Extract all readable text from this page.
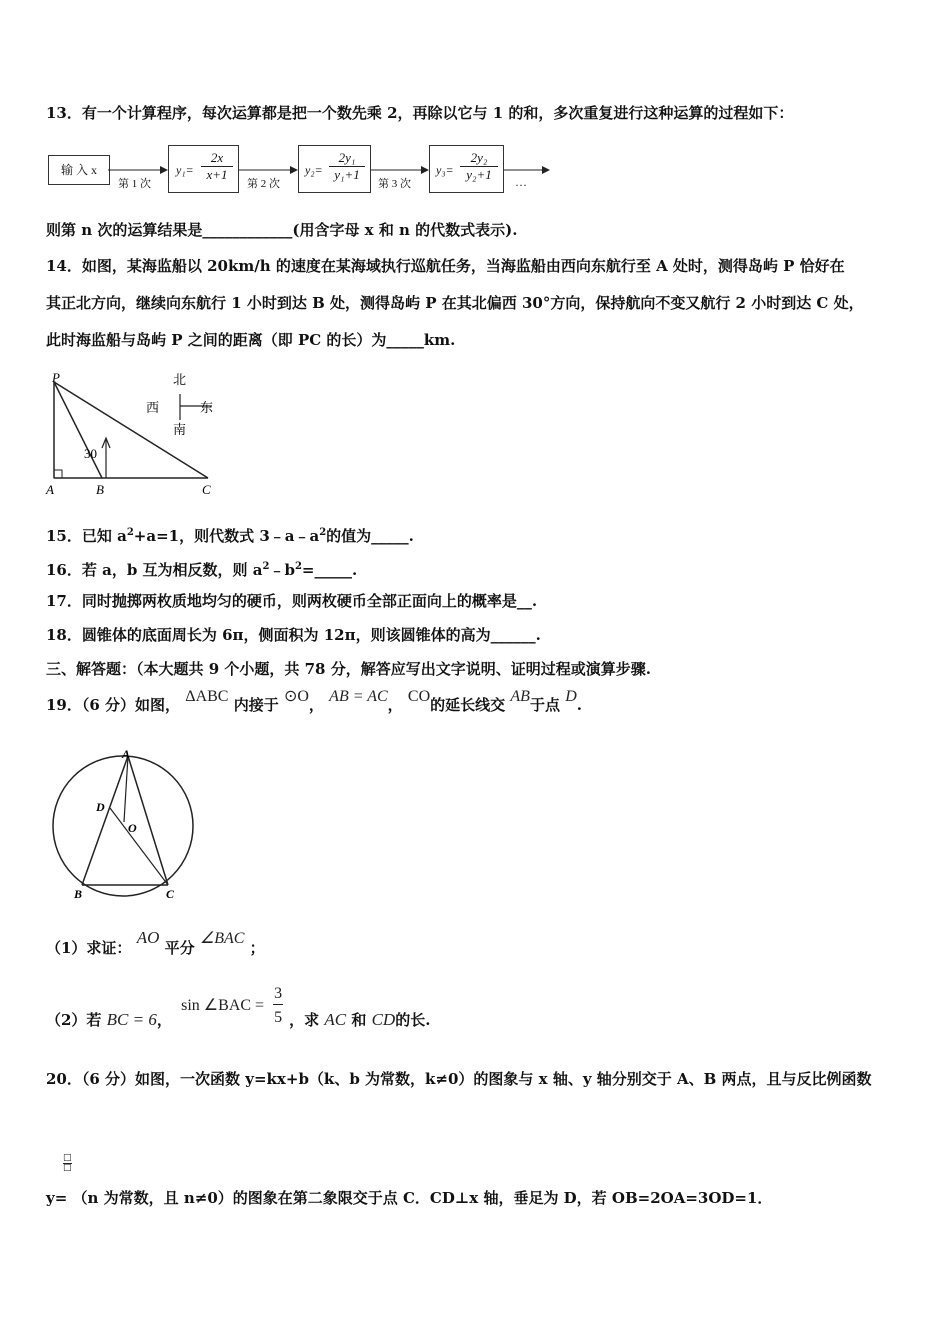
13．有一个计算程序，每次运算都是把一个数先乘 2，再除以它与 1 的和，多次重复进行这种运算的过程如下：
输 入 x
第 1 次	第 2 次	第 3 次	…
$y_1= \frac{2x}{x+1}$	$y_2= \frac{\text{2y₁}}{\text{y₁+1}}$	$y_3= \frac{\text{2y₂}}{\text{y₂+1}}$
则第 n 次的运算结果是____________(用含字母 x 和 n 的代数式表示).
14．如图，某海监船以 20km/h 的速度在某海域执行巡航任务，当海监船由西向东航行至 A 处时，测得岛屿 P 恰好在
其正北方向，继续向东航行 1 小时到达 B 处，测得岛屿 P 在其北偏西 30°方向，保持航向不变又航行 2 小时到达 C 处，
此时海监船与岛屿 P 之间的距离（即 PC 的长）为_____km.
P
A	B	C
30
北
南
西	东
15．已知 $a^2+a=1$，则代数式 $3﹣a﹣a^2$的值为_____.
16．若 a，b 互为相反数，则 $a^2﹣b^2=\_\_\_\_\_$.
17．同时抛掷两枚质地均匀的硬币，则两枚硬币全部正面向上的概率是__.
18．圆锥体的底面周长为 6π，侧面积为 12π，则该圆锥体的高为______.
三、解答题：（本大题共 9 个小题，共 78 分，解答应写出文字说明、证明过程或演算步骤.
19．（6 分）如图， ΔABC 内接于 ⊙O， AB = AC， CO的延长线交 AB于点 D.
A
B	C
D
O
（1）求证： AO 平分 ∠BAC ；
（2）若 BC = 6，
sin ∠BAC =
3
5 ，求 AC 和 CD的长.
20．（6 分）如图，一次函数 y=kx+b（k、b 为常数，k≠0）的图象与 x 轴、y 轴分别交于 A、B 两点，且与反比例函数
□
□
y= （n 为常数，且 n≠0）的图象在第二象限交于点 C．CD⊥x 轴，垂足为 D，若 OB=2OA=3OD=1．
